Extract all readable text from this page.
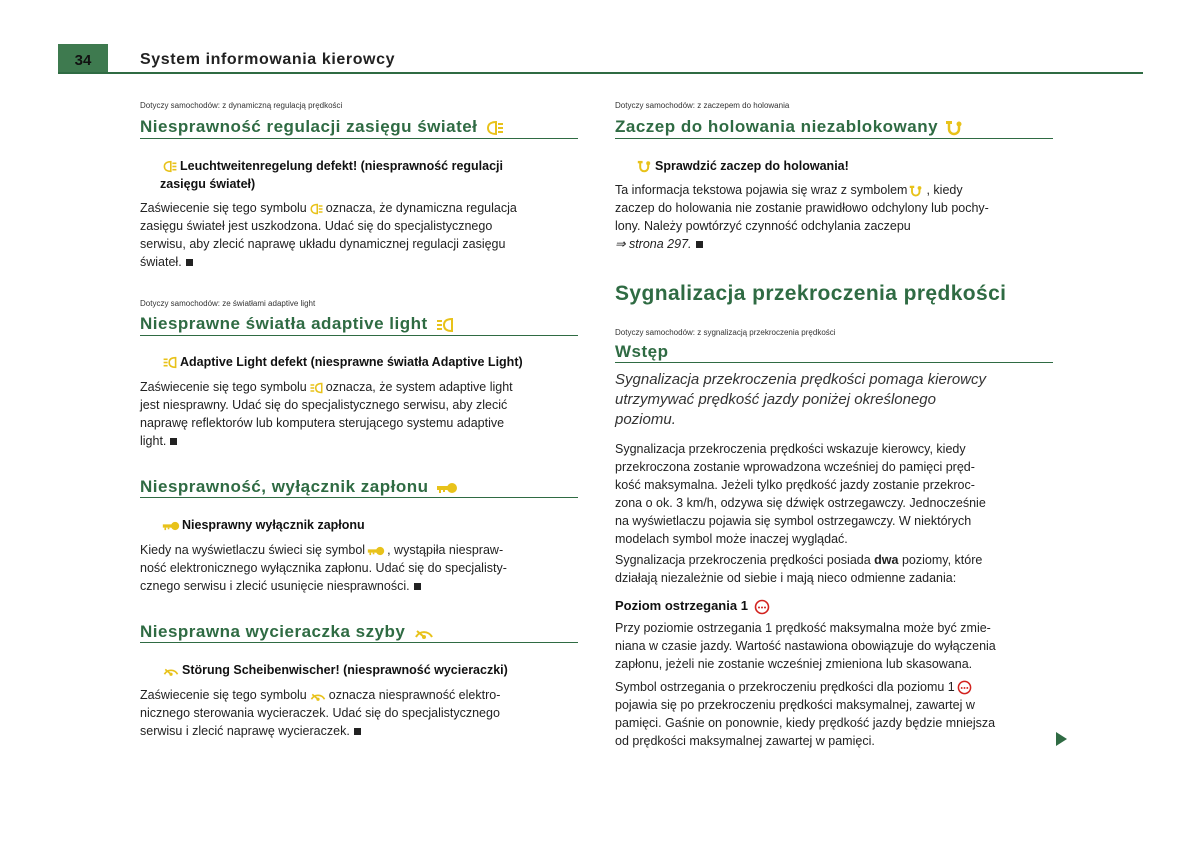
34	System informowania kierowcy
Dotyczy samochodów: z dynamiczną regulacją prędkości
Niesprawność regulacji zasięgu świateł
Leuchtweitenregelung defekt! (niesprawność regulacji
zasięgu świateł)
Zaświecenie się tego symbolu oznacza, że dynamiczna regulacja
zasięgu świateł jest uszkodzona. Udać się do specjalistycznego
serwisu, aby zlecić naprawę układu dynamicznej regulacji zasięgu
świateł.
Dotyczy samochodów: ze światłami adaptive light
Niesprawne światła adaptive light
Adaptive Light defekt (niesprawne światła Adaptive Light)
Zaświecenie się tego symbolu oznacza, że system adaptive light
jest niesprawny. Udać się do specjalistycznego serwisu, aby zlecić
naprawę reflektorów lub komputera sterującego systemu adaptive
light.
Niesprawność, wyłącznik zapłonu
Niesprawny wyłącznik zapłonu
Kiedy na wyświetlaczu świeci się symbol , wystąpiła niespraw-
ność elektronicznego wyłącznika zapłonu. Udać się do specjalisty-
cznego serwisu i zlecić usunięcie niesprawności.
Niesprawna wycieraczka szyby
Störung Scheibenwischer! (niesprawność wycieraczki)
Zaświecenie się tego symbolu oznacza niesprawność elektro-
nicznego sterowania wycieraczek. Udać się do specjalistycznego
serwisu i zlecić naprawę wycieraczek.
Dotyczy samochodów: z zaczepem do holowania
Zaczep do holowania niezablokowany
Sprawdzić zaczep do holowania!
Ta informacja tekstowa pojawia się wraz z symbolem , kiedy
zaczep do holowania nie zostanie prawidłowo odchylony lub pochy-
lony. Należy powtórzyć czynność odchylania zaczepu
⇒ strona 297.
Sygnalizacja przekroczenia prędkości
Dotyczy samochodów: z sygnalizacją przekroczenia prędkości
Wstęp
Sygnalizacja przekroczenia prędkości pomaga kierowcy
utrzymywać prędkość jazdy poniżej określonego
poziomu.
Sygnalizacja przekroczenia prędkości wskazuje kierowcy, kiedy
przekroczona zostanie wprowadzona wcześniej do pamięci pręd-
kość maksymalna. Jeżeli tylko prędkość jazdy zostanie przekroc-
zona o ok. 3 km/h, odzywa się dźwięk ostrzegawczy. Jednocześnie
na wyświetlaczu pojawia się symbol ostrzegawczy. W niektórych
modelach symbol może inaczej wyglądać.
Sygnalizacja przekroczenia prędkości posiada dwa poziomy, które
działają niezależnie od siebie i mają nieco odmienne zadania:
Poziom ostrzegania 1
Przy poziomie ostrzegania 1 prędkość maksymalna może być zmie-
niana w czasie jazdy. Wartość nastawiona obowiązuje do wyłączenia
zapłonu, jeżeli nie zostanie wcześniej zmieniona lub skasowana.
Symbol ostrzegania o przekroczeniu prędkości dla poziomu 1

pojawia się po przekroczeniu prędkości maksymalnej, zawartej w
pamięci. Gaśnie on ponownie, kiedy prędkość jazdy będzie mniejsza
od prędkości maksymalnej zawartej w pamięci.
